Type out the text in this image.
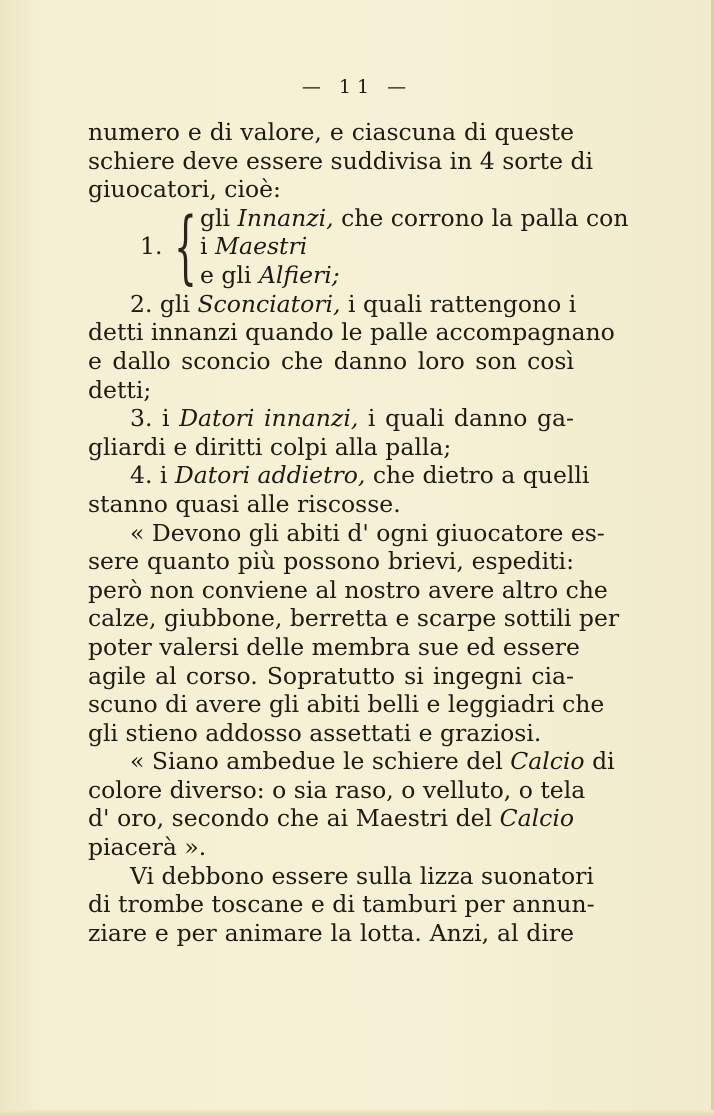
— 11 —
numero e di valore, e ciascuna di queste
schiere deve essere suddivisa in 4 sorte di
giuocatori, cioè:
1. { gli Innanzi, che corrono la palla con
i Maestri
e gli Alfieri;
2. gli Sconciatori, i quali rattengono i
detti innanzi quando le palle accompagnano
e dallo sconcio che danno loro son così
detti;
3. i Datori innanzi, i quali danno ga-
gliardi e diritti colpi alla palla;
4. i Datori addietro, che dietro a quelli
stanno quasi alle riscosse.
« Devono gli abiti d' ogni giuocatore es-
sere quanto più possono brievi, espediti:
però non conviene al nostro avere altro che
calze, giubbone, berretta e scarpe sottili per
poter valersi delle membra sue ed essere
agile al corso. Sopratutto si ingegni cia-
scuno di avere gli abiti belli e leggiadri che
gli stieno addosso assettati e graziosi.
« Siano ambedue le schiere del Calcio di
colore diverso: o sia raso, o velluto, o tela
d' oro, secondo che ai Maestri del Calcio
piacerà ».
Vi debbono essere sulla lizza suonatori
di trombe toscane e di tamburi per annun-
ziare e per animare la lotta. Anzi, al dire
